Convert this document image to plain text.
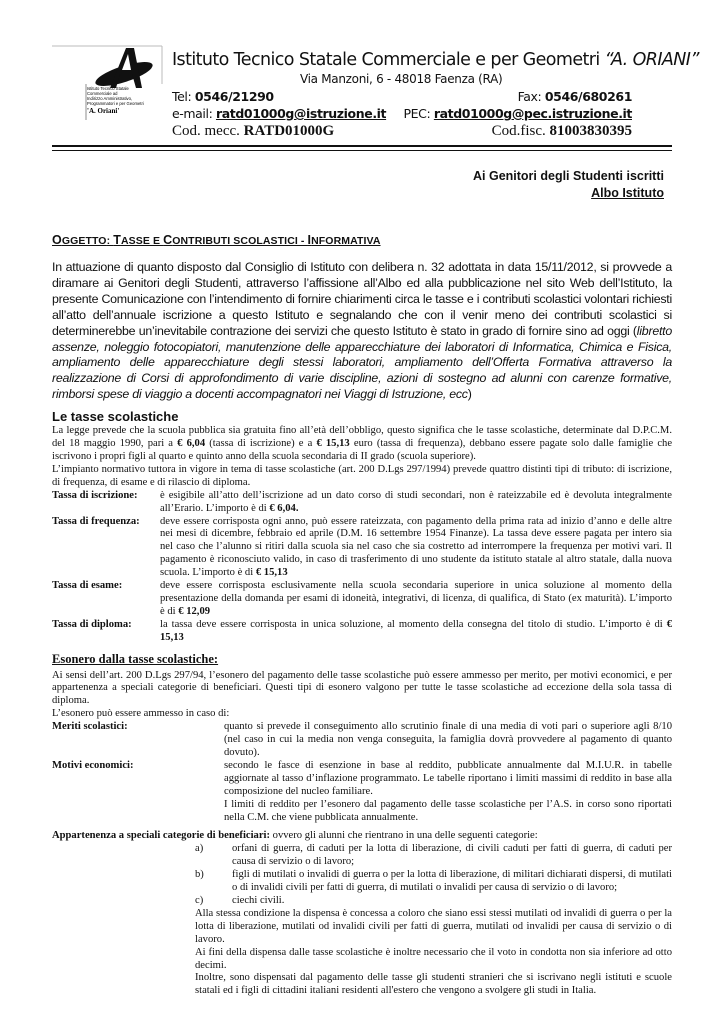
Istituto Tecnico Statale
Commerciale ad
Indirizzo Amministrativo,
Programmatori e per Geometri
'A. Oriani'
Istituto Tecnico Statale Commerciale e per Geometri “A. ORIANI”
Via Manzoni, 6 - 48018 Faenza (RA)
Tel: 0546/21290	Fax: 0546/680261
e-mail: ratd01000g@istruzione.it PEC: ratd01000g@pec.istruzione.it
Cod. mecc. RATD01000G	Cod.fisc. 81003830395
Ai Genitori degli Studenti iscritti
Albo Istituto
OGGETTO: TASSE E CONTRIBUTI SCOLASTICI - INFORMATIVA
In attuazione di quanto disposto dal Consiglio di Istituto con delibera n. 32 adottata in data 15/11/2012, si provvede a diramare ai Genitori degli Studenti, attraverso l’affissione all’Albo ed alla pubblicazione nel sito Web dell’Istituto, la presente Comunicazione con l’intendimento di fornire chiarimenti circa le tasse e i contributi scolastici volontari richiesti all’atto dell’annuale iscrizione a questo Istituto e segnalando che con il venir meno dei contributi scolastici si determinerebbe un’inevitabile contrazione dei servizi che questo Istituto è stato in grado di fornire sino ad oggi (libretto assenze, noleggio fotocopiatori, manutenzione delle apparecchiature dei laboratori di Informatica, Chimica e Fisica, ampliamento delle apparecchiature degli stessi laboratori, ampliamento dell’Offerta Formativa attraverso la realizzazione di Corsi di approfondimento di varie discipline, azioni di sostegno ad alunni con carenze formative, rimborsi spese di viaggio a docenti accompagnatori nei Viaggi di Istruzione, ecc)
Le tasse scolastiche

La legge prevede che la scuola pubblica sia gratuita fino all’età dell’obbligo, questo significa che le tasse scolastiche, determinate dal D.P.C.M. del 18 maggio 1990, pari a € 6,04 (tassa di iscrizione) e a € 15,13 euro (tassa di frequenza), debbano essere pagate solo dalle famiglie che iscrivono i propri figli al quarto e quinto anno della scuola secondaria di II grado (scuola superiore).

L’impianto normativo tuttora in vigore in tema di tasse scolastiche (art. 200 D.Lgs 297/1994) prevede quattro distinti tipi di tributo: di iscrizione, di frequenza, di esame e di rilascio di diploma.

Tassa di iscrizione:	è esigibile all’atto dell’iscrizione ad un dato corso di studi secondari, non è rateizzabile ed è devoluta integralmente all’Erario. L’importo è di € 6,04.
Tassa di frequenza:	deve essere corrisposta ogni anno, può essere rateizzata, con pagamento della prima rata ad inizio d’anno e delle altre nei mesi di dicembre, febbraio ed aprile (D.M. 16 settembre 1954 Finanze). La tassa deve essere pagata per intero sia nel caso che l’alunno si ritiri dalla scuola sia nel caso che sia costretto ad interrompere la frequenza per motivi vari. Il pagamento è riconosciuto valido, in caso di trasferimento di uno studente da istituto statale al altro statale, dalla nuova scuola. L’importo è di € 15,13
Tassa di esame:	deve essere corrisposta esclusivamente nella scuola secondaria superiore in unica soluzione al momento della presentazione della domanda per esami di idoneità, integrativi, di licenza, di qualifica, di Stato (ex maturità). L’importo è di € 12,09
Tassa di diploma:	la tassa deve essere corrisposta in unica soluzione, al momento della consegna del titolo di studio. L’importo è di € 15,13
Esonero dalla tasse scolastiche:

Ai sensi dell’art. 200 D.Lgs 297/94, l’esonero del pagamento delle tasse scolastiche può essere ammesso per merito, per motivi economici, e per appartenenza a speciali categorie di beneficiari. Questi tipi di esonero valgono per tutte le tasse scolastiche ad eccezione della sola tassa di diploma.

L’esonero può essere ammesso in caso di:

Meriti scolastici:	quanto si prevede il conseguimento allo scrutinio finale di una media di voti pari o superiore agli 8/10 (nel caso in cui la media non venga conseguita, la famiglia dovrà provvedere al pagamento di quanto dovuto).
Motivi economici:	secondo le fasce di esenzione in base al reddito, pubblicate annualmente dal M.I.U.R. in tabelle aggiornate al tasso d’inflazione programmato. Le tabelle riportano i limiti massimi di reddito in base alla composizione del nucleo familiare.

I limiti di reddito per l’esonero dal pagamento delle tasse scolastiche per l’A.S. in corso sono riportati nella C.M. che viene pubblicata annualmente.

Appartenenza a speciali categorie di beneficiari: ovvero gli alunni che rientrano in una delle seguenti categorie:

a)	orfani di guerra, di caduti per la lotta di liberazione, di civili caduti per fatti di guerra, di caduti per causa di servizio o di lavoro;
b)	figli di mutilati o invalidi di guerra o per la lotta di liberazione, di militari dichiarati dispersi, di mutilati o di invalidi civili per fatti di guerra, di mutilati o invalidi per causa di servizio o di lavoro;
c)	ciechi civili.

Alla stessa condizione la dispensa è concessa a coloro che siano essi stessi mutilati od invalidi di guerra o per la lotta di liberazione, mutilati od invalidi civili per fatti di guerra, mutilati od invalidi per causa di servizio o di lavoro.

Ai fini della dispensa dalle tasse scolastiche è inoltre necessario che il voto in condotta non sia inferiore ad otto decimi.

Inoltre, sono dispensati dal pagamento delle tasse gli studenti stranieri che si iscrivano negli istituti e scuole statali ed i figli di cittadini italiani residenti all'estero che vengono a svolgere gli studi in Italia.
